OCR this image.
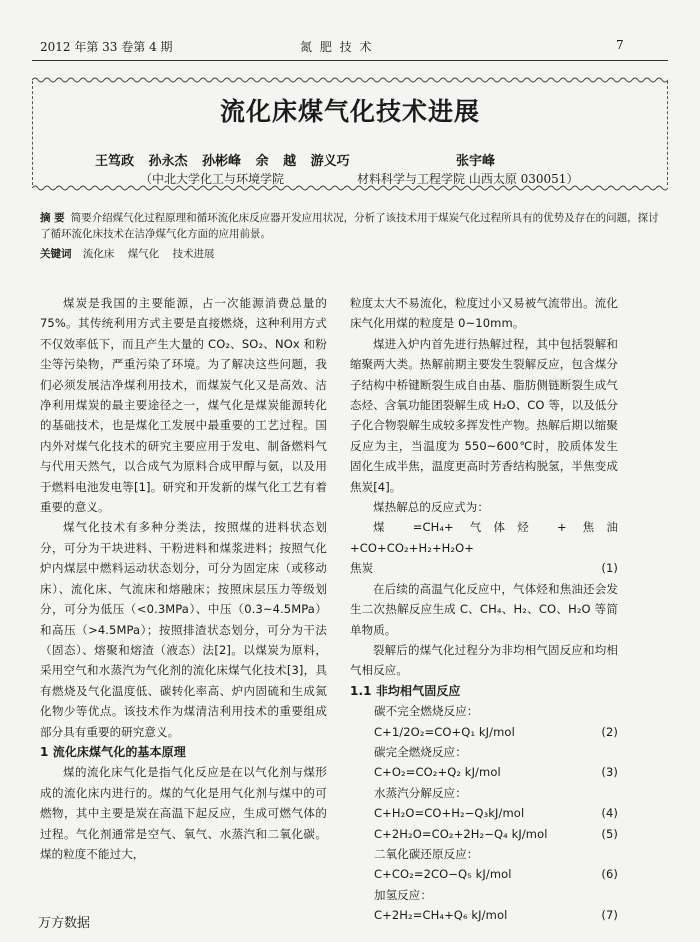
2012 年第 33 卷第 4 期	氮 肥 技 术	7
流化床煤气化技术进展
王笃政 孙永杰 孙彬峰 余 越 游义巧	张宇峰
（中北大学化工与环境学院	材料科学与工程学院 山西太原 030051）
摘 要 简要介绍煤气化过程原理和循环流化床反应器开发应用状况，分析了该技术用于煤炭气化过程所具有的优势及存在的问题，探讨了循环流化床技术在洁净煤气化方面的应用前景。
关键词 流化床 煤气化 技术进展

煤炭是我国的主要能源，占一次能源消费总量的 75%。其传统利用方式主要是直接燃烧，这种利用方式不仅效率低下，而且产生大量的 CO₂、SO₂、NOx 和粉尘等污染物，严重污染了环境。为了解决这些问题，我们必须发展洁净煤利用技术，而煤炭气化又是高效、洁净利用煤炭的最主要途径之一，煤气化是煤炭能源转化的基础技术，也是煤化工发展中最重要的工艺过程。国内外对煤气化技术的研究主要应用于发电、制备燃料气与代用天然气，以合成气为原料合成甲醇与氨，以及用于燃料电池发电等[1]。研究和开发新的煤气化工艺有着重要的意义。

煤气化技术有多种分类法，按照煤的进料状态划分，可分为干块进料、干粉进料和煤浆进料；按照气化炉内煤层中燃料运动状态划分，可分为固定床（或移动床）、流化床、气流床和熔融床；按照床层压力等级划分，可分为低压（<0.3MPa）、中压（0.3~4.5MPa）和高压（>4.5MPa）；按照排渣状态划分，可分为干法（固态）、熔聚和熔渣（液态）法[2]。以煤炭为原料，采用空气和水蒸汽为气化剂的流化床煤气化技术[3]，具有燃烧及气化温度低、碳转化率高、炉内固硫和生成氮化物少等优点。该技术作为煤清洁利用技术的重要组成部分具有重要的研究意义。

1 流化床煤气化的基本原理

煤的流化床气化是指气化反应是在以气化剂与煤形成的流化床内进行的。煤的气化是用气化剂与煤中的可燃物，其中主要是炭在高温下起反应，生成可燃气体的过程。气化剂通常是空气、氧气、水蒸汽和二氧化碳。煤的粒度不能过大，

粒度太大不易流化，粒度过小又易被气流带出。流化床气化用煤的粒度是 0~10mm。

煤进入炉内首先进行热解过程，其中包括裂解和缩聚两大类。热解前期主要发生裂解反应，包含煤分子结构中桥键断裂生成自由基、脂肪侧链断裂生成气态烃、含氧功能团裂解生成 H₂O、CO 等，以及低分子化合物裂解生成较多挥发性产物。热解后期以缩聚反应为主，当温度为 550~600℃时，胶质体发生固化生成半焦，温度更高时芳香结构脱氢，半焦变成焦炭[4]。

煤热解总的反应式为：

煤 =CH₄+ 气体烃 + 焦油 +CO+CO₂+H₂+H₂O+

焦炭	(1)

在后续的高温气化反应中，气体烃和焦油还会发生二次热解反应生成 C、CH₄、H₂、CO、H₂O 等简单物质。

裂解后的煤气化过程分为非均相气固反应和均相气相反应。

1.1 非均相气固反应
碳不完全燃烧反应：
C+1/2O₂=CO+Q₁ kJ/mol	(2)
碳完全燃烧反应：
C+O₂=CO₂+Q₂ kJ/mol	(3)
水蒸汽分解反应：
C+H₂O=CO+H₂−Q₃kJ/mol	(4)
C+2H₂O=CO₂+2H₂−Q₄ kJ/mol	(5)
二氧化碳还原反应：
C+CO₂=2CO−Q₅ kJ/mol	(6)
加氢反应：
C+2H₂=CH₄+Q₆ kJ/mol	(7)
万方数据
